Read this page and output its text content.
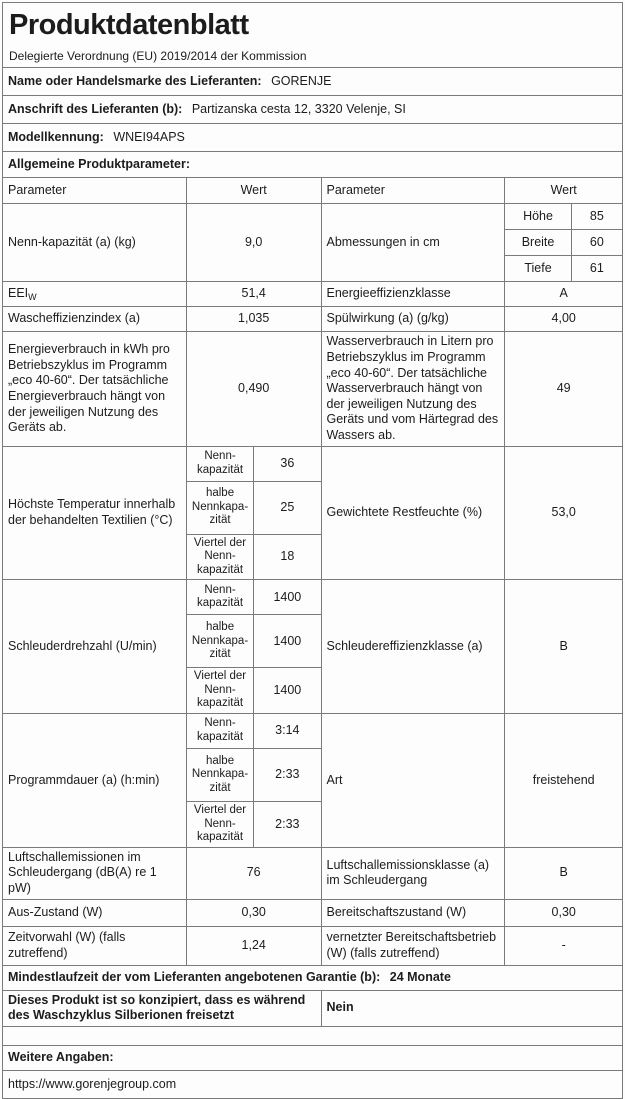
Produktdatenblatt
Delegierte Verordnung (EU) 2019/2014 der Kommission

Name oder Handelsmarke des Lieferanten: GORENJE					
Anschrift des Lieferanten (b): Partizanska cesta 12, 3320 Velenje, SI					
Modellkennung: WNEI94APS					
Allgemeine Produktparameter:					
Parameter	Wert		Parameter	Wert	
Nenn-kapazität (a) (kg)	9,0		Abmessungen in cm	Höhe	85
				Breite	60
				Tiefe	61
$EEI_W$	51,4		Energieeffizienzklasse	A	
Wascheffizienzindex (a)	1,035		Spülwirkung (a) (g/kg)	4,00	
Energieverbrauch in kWh pro Betriebszyklus im Programm „eco 40-60“. Der tatsächliche Energieverbrauch hängt von der jeweiligen Nutzung des Geräts ab.	0,490		Wasserverbrauch in Litern pro Betriebszyklus im Programm „eco 40-60“. Der tatsächliche Wasserverbrauch hängt von der jeweiligen Nutzung des Geräts und vom Härtegrad des Wassers ab.	49	
Höchste Temperatur innerhalb der behandelten Textilien (°C)	Nenn-kapazität	36	Gewichtete Restfeuchte (%)	53,0	
	halbe Nennkapa-zität	25			
	Viertel der Nenn-kapazität	18			
Schleuderdrehzahl (U/min)	Nenn-kapazität	1400	Schleudereffizienzklasse (a)	B	
	halbe Nennkapa-zität	1400			
	Viertel der Nenn-kapazität	1400			
Programmdauer (a) (h:min)	Nenn-kapazität	3:14	Art	freistehend	
	halbe Nennkapa-zität	2:33			
	Viertel der Nenn-kapazität	2:33			
Luftschallemissionen im Schleudergang (dB(A) re 1 pW)	76		Luftschallemissionsklasse (a) im Schleudergang	B	
Aus-Zustand (W)	0,30		Bereitschaftszustand (W)	0,30	
Zeitvorwahl (W) (falls zutreffend)	1,24		vernetzter Bereitschaftsbetrieb (W) (falls zutreffend)	-	
Mindestlaufzeit der vom Lieferanten angebotenen Garantie (b): 24 Monate					
Dieses Produkt ist so konzipiert, dass es während des Waschzyklus Silberionen freisetzt			Nein		

Weitere Angaben:					
https://www.gorenjegroup.com					
